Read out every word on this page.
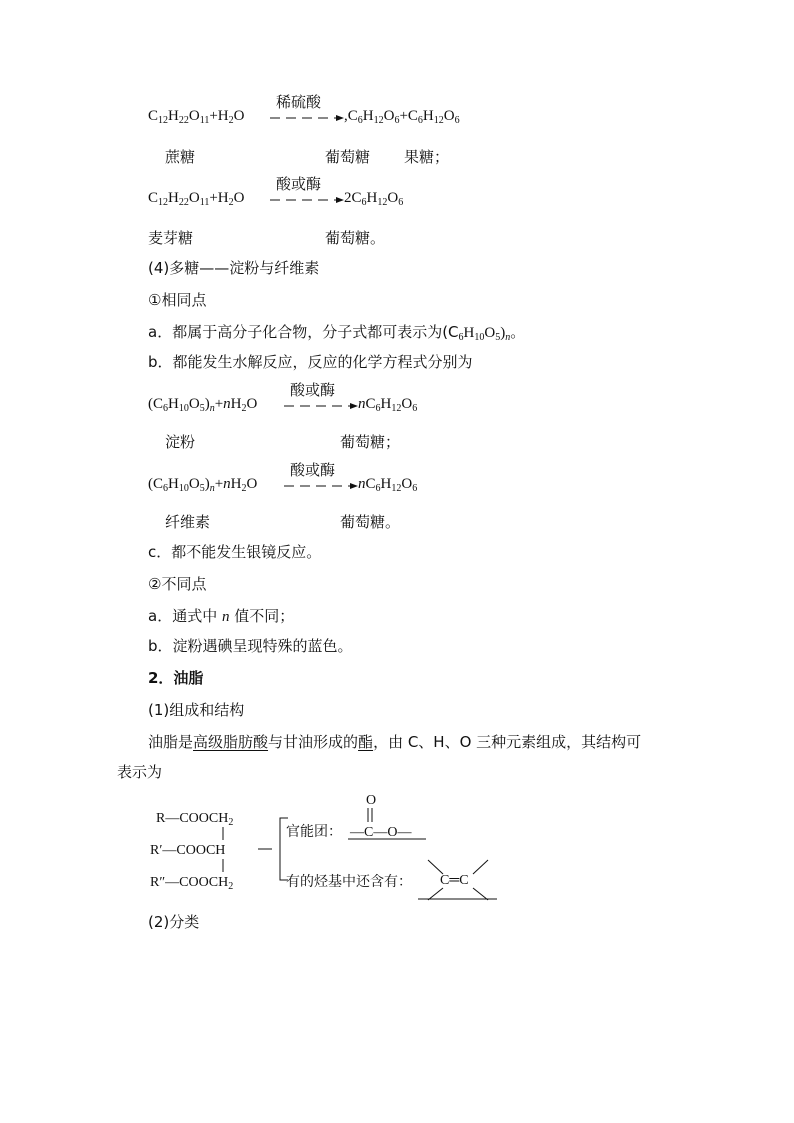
$C_{12}H_{22}O_{11}+H_2O$
稀硫酸
$,C_6H_{12}O_6+C_6H_{12}O_6$
蔗糖	葡萄糖 果糖；
$C_{12}H_{22}O_{11}+H_2O$
酸或酶
$2C_6H_{12}O_6$
麦芽糖	葡萄糖。
(4)多糖——淀粉与纤维素
①相同点
a．都属于高分子化合物，分子式都可表示为$(C_6H_{10}O_5)_n$。
b．都能发生水解反应，反应的化学方程式分别为
$(C_6H_{10}O_5)_n+nH_2O$
酸或酶
$nC_6H_{12}O_6$
淀粉	葡萄糖；
$(C_6H_{10}O_5)_n+nH_2O$
酸或酶
$nC_6H_{12}O_6$
纤维素	葡萄糖。
c．都不能发生银镜反应。
②不同点
a．通式中 n 值不同；
b．淀粉遇碘呈现特殊的蓝色。
2．油脂
(1)组成和结构
油脂是高级脂肪酸与甘油形成的酯，由 C、H、O 三种元素组成，其结构可
表示为
$R—COOCH_2$
R′—COOCH
$R''—COOCH_2$
官能团：
O
—C—O—
有的烃基中还含有： C═C
(2)分类
